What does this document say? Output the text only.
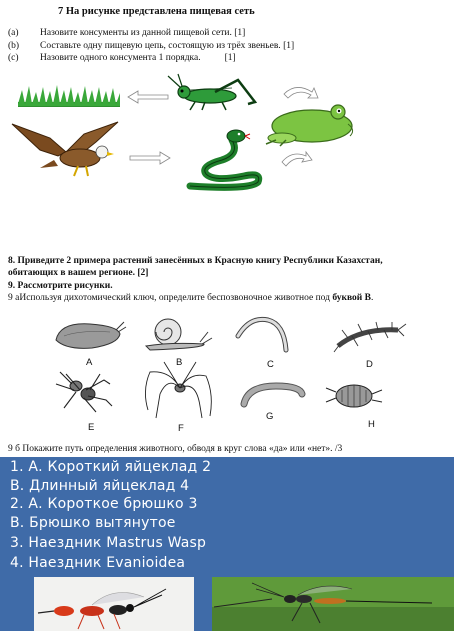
7 На рисунке представлена пищевая сеть
(a) Назовите консументы из данной пищевой сети. [1]
(b) Составьте одну пищевую цепь, состоящую из трёх звеньев. [1]
(c) Назовите одного консумента 1 порядка.	[1]
8. Приведите 2 примера растений занесённых в Красную книгу Республики Казахстан,
обитающих в вашем регионе. [2]
9. Рассмотрите рисунки.
9 аИспользуя дихотомический ключ, определите беспозвоночное животное под буквой В.
A	B	C	D
E	F
G
H
9 б Покажите путь определения животного, обводя в круг слова «да» или «нет». /3
1. А. Короткий яйцеклад 2
В. Длинный яйцеклад 4
2. А. Короткое брюшко 3
В. Брюшко вытянутое
3. Наездник Mastrus Wasp
4. Наездник Evanioidea
